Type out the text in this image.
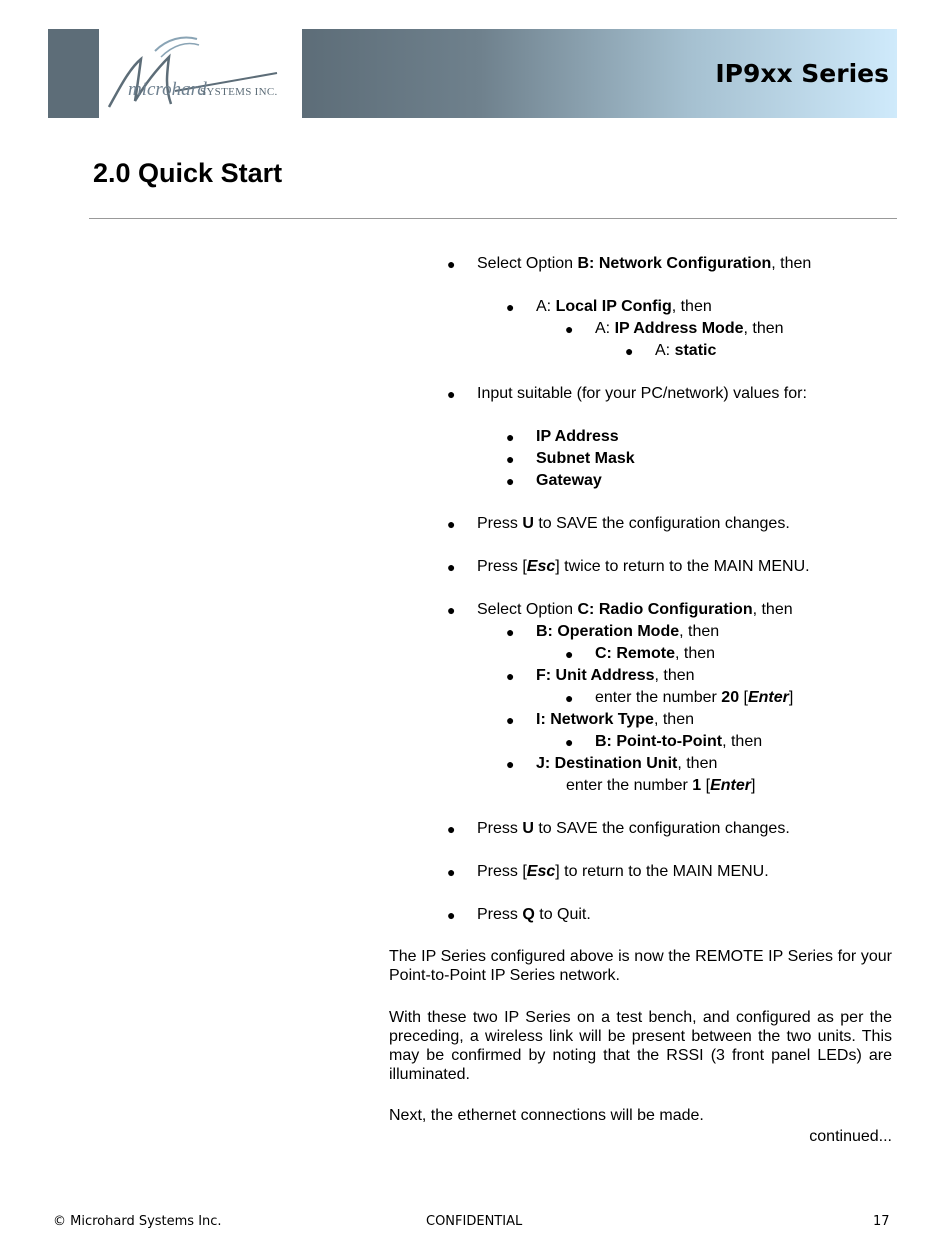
microhard
SYSTEMS INC.
IP9xx Series
2.0 Quick Start
● Select Option B: Network Configuration, then
● A: Local IP Config, then
● A: IP Address Mode, then
● A: static
● Input suitable (for your PC/network) values for:
● IP Address
● Subnet Mask
● Gateway
● Press U to SAVE the configuration changes.
● Press [Esc] twice to return to the MAIN MENU.
● Select Option C: Radio Configuration, then
● B: Operation Mode, then
● C: Remote, then
● F: Unit Address, then
● enter the number 20 [Enter]
● I: Network Type, then
● B: Point-to-Point, then
● J: Destination Unit, then
enter the number 1 [Enter]
● Press U to SAVE the configuration changes.
● Press [Esc] to return to the MAIN MENU.
● Press Q to Quit.

The IP Series configured above is now the REMOTE IP Series for your Point-to-Point IP Series network.

With these two IP Series on a test bench, and configured as per the preceding, a wireless link will be present between the two units. This may be confirmed by noting that the RSSI (3 front panel LEDs) are illuminated.

Next, the ethernet connections will be made.

continued...
© Microhard Systems Inc.	CONFIDENTIAL	17
